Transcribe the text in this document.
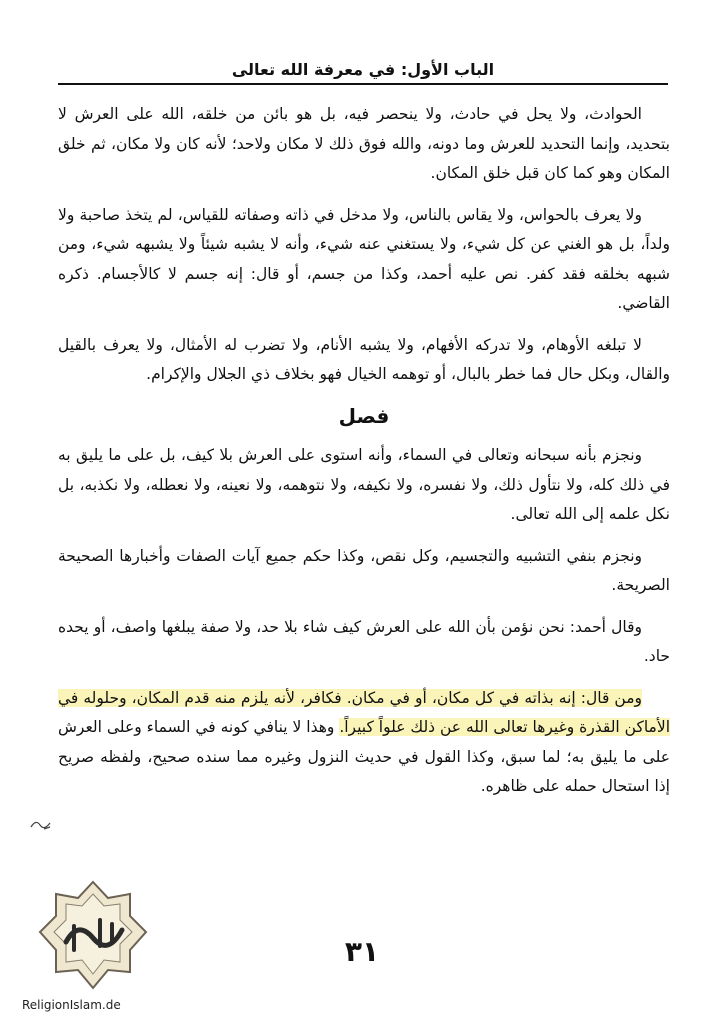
الباب الأول: في معرفة الله تعالى

الحوادث، ولا يحل في حادث، ولا ينحصر فيه، بل هو بائن من خلقه، الله على العرش لا بتحديد، وإنما التحديد للعرش وما دونه، والله فوق ذلك لا مكان ولاحد؛ لأنه كان ولا مكان، ثم خلق المكان وهو كما كان قبل خلق المكان.

ولا يعرف بالحواس، ولا يقاس بالناس، ولا مدخل في ذاته وصفاته للقياس، لم يتخذ صاحبة ولا ولداً، بل هو الغني عن كل شيء، ولا يستغني عنه شيء، وأنه لا يشبه شيئاً ولا يشبهه شيء، ومن شبهه بخلقه فقد كفر. نص عليه أحمد، وكذا من جسم، أو قال: إنه جسم لا كالأجسام. ذكره القاضي.

لا تبلغه الأوهام، ولا تدركه الأفهام، ولا يشبه الأنام، ولا تضرب له الأمثال، ولا يعرف بالقيل والقال، وبكل حال فما خطر بالبال، أو توهمه الخيال فهو بخلاف ذي الجلال والإكرام.

فصل

ونجزم بأنه سبحانه وتعالى في السماء، وأنه استوى على العرش بلا كيف، بل على ما يليق به في ذلك كله، ولا نتأول ذلك، ولا نفسره، ولا نكيفه، ولا نتوهمه، ولا نعينه، ولا نعطله، ولا نكذبه، بل نكل علمه إلى الله تعالى.

ونجزم بنفي التشبيه والتجسيم، وكل نقص، وكذا حكم جميع آيات الصفات وأخبارها الصحيحة الصريحة.

وقال أحمد: نحن نؤمن بأن الله على العرش كيف شاء بلا حد، ولا صفة يبلغها واصف، أو يحده حاد.

ومن قال: إنه بذاته في كل مكان، أو في مكان. فكافر، لأنه يلزم منه قدم المكان، وحلوله في الأماكن القذرة وغيرها تعالى الله عن ذلك علواً كبيراً. وهذا لا ينافي كونه في السماء وعلى العرش على ما يليق به؛ لما سبق، وكذا القول في حديث النزول وغيره مما سنده صحيح، ولفظه صريح إذا استحال حمله على ظاهره.

٣١
ReligionIslam.de
